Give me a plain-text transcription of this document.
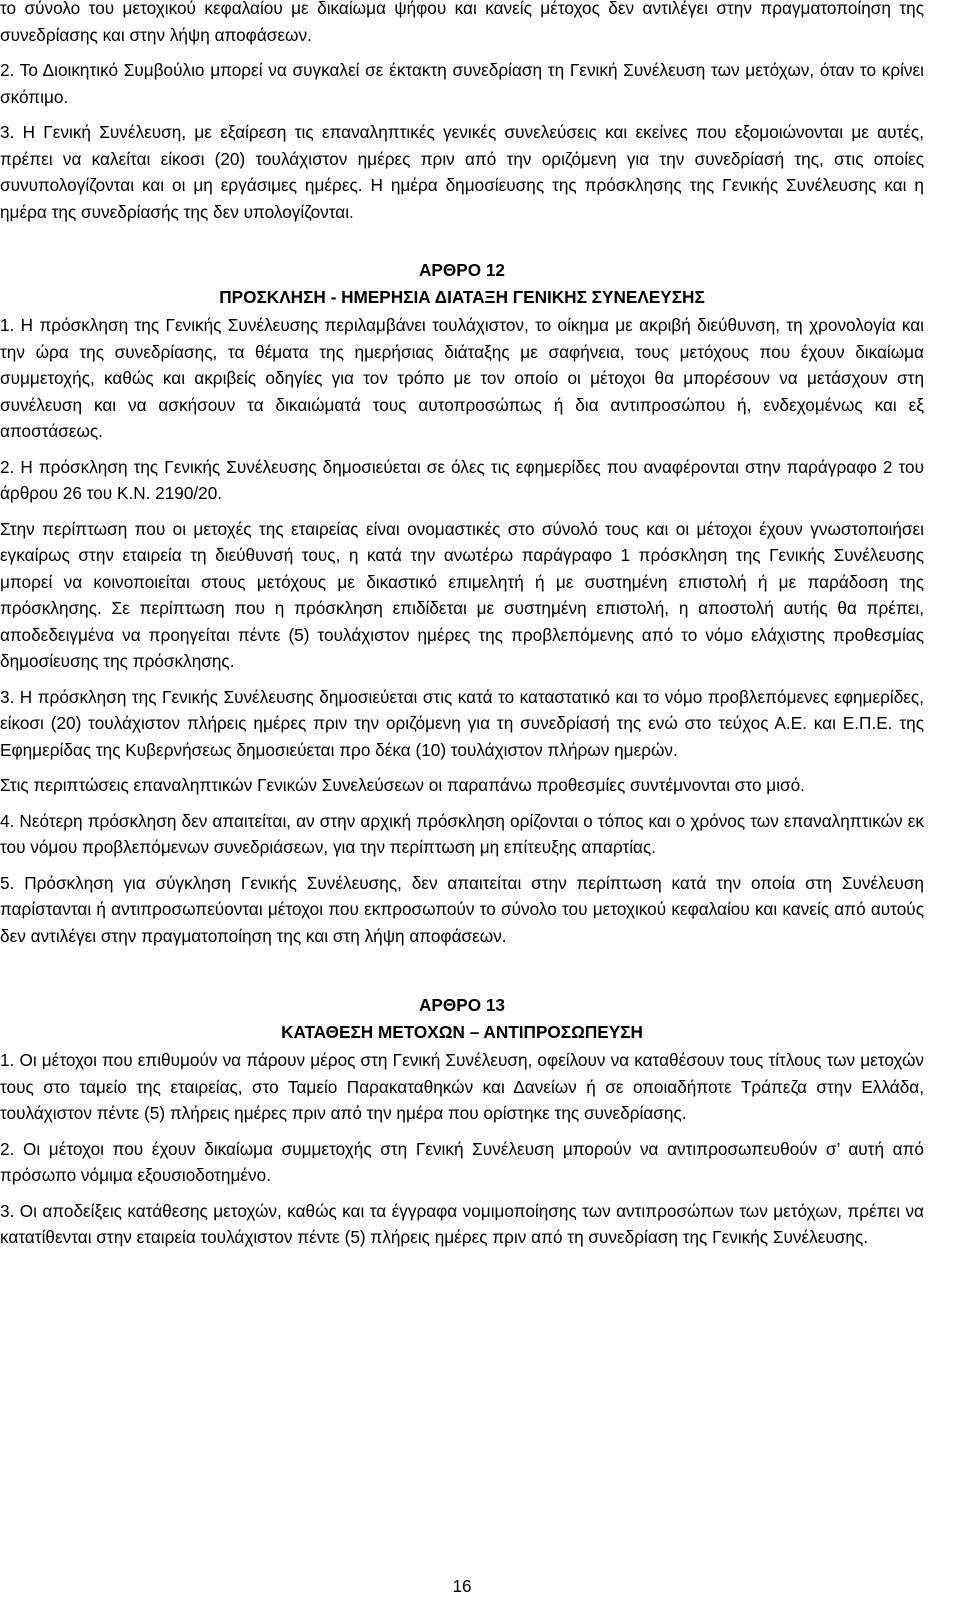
το σύνολο του μετοχικού κεφαλαίου με δικαίωμα ψήφου και κανείς μέτοχος δεν αντιλέγει στην πραγματοποίηση της συνεδρίασης και στην λήψη αποφάσεων.

2. Το Διοικητικό Συμβούλιο μπορεί να συγκαλεί σε έκτακτη συνεδρίαση τη Γενική Συνέλευση των μετόχων, όταν το κρίνει σκόπιμο.

3. Η Γενική Συνέλευση, με εξαίρεση τις επαναληπτικές γενικές συνελεύσεις και εκείνες που εξομοιώνονται με αυτές, πρέπει να καλείται είκοσι (20) τουλάχιστον ημέρες πριν από την οριζόμενη για την συνεδρίασή της, στις οποίες συνυπολογίζονται και οι μη εργάσιμες ημέρες. Η ημέρα δημοσίευσης της πρόσκλησης της Γενικής Συνέλευσης και η ημέρα της συνεδρίασής της δεν υπολογίζονται.

ΑΡΘΡΟ 12
ΠΡΟΣΚΛΗΣΗ - ΗΜΕΡΗΣΙΑ ΔΙΑΤΑΞΗ ΓΕΝΙΚΗΣ ΣΥΝΕΛΕΥΣΗΣ

1. Η πρόσκληση της Γενικής Συνέλευσης περιλαμβάνει τουλάχιστον, το οίκημα με ακριβή διεύθυνση, τη χρονολογία και την ώρα της συνεδρίασης, τα θέματα της ημερήσιας διάταξης με σαφήνεια, τους μετόχους που έχουν δικαίωμα συμμετοχής, καθώς και ακριβείς οδηγίες για τον τρόπο με τον οποίο οι μέτοχοι θα μπορέσουν να μετάσχουν στη συνέλευση και να ασκήσουν τα δικαιώματά τους αυτοπροσώπως ή δια αντιπροσώπου ή, ενδεχομένως και εξ αποστάσεως.

2. Η πρόσκληση της Γενικής Συνέλευσης δημοσιεύεται σε όλες τις εφημερίδες που αναφέρονται στην παράγραφο 2 του άρθρου 26 του Κ.Ν. 2190/20.

Στην περίπτωση που οι μετοχές της εταιρείας είναι ονομαστικές στο σύνολό τους και οι μέτοχοι έχουν γνωστοποιήσει εγκαίρως στην εταιρεία τη διεύθυνσή τους, η κατά την ανωτέρω παράγραφο 1 πρόσκληση της Γενικής Συνέλευσης μπορεί να κοινοποιείται στους μετόχους με δικαστικό επιμελητή ή με συστημένη επιστολή ή με παράδοση της πρόσκλησης. Σε περίπτωση που η πρόσκληση επιδίδεται με συστημένη επιστολή, η αποστολή αυτής θα πρέπει, αποδεδειγμένα να προηγείται πέντε (5) τουλάχιστον ημέρες της προβλεπόμενης από το νόμο ελάχιστης προθεσμίας δημοσίευσης της πρόσκλησης.

3. Η πρόσκληση της Γενικής Συνέλευσης δημοσιεύεται στις κατά το καταστατικό και το νόμο προβλεπόμενες εφημερίδες, είκοσι (20) τουλάχιστον πλήρεις ημέρες πριν την οριζόμενη για τη συνεδρίασή της ενώ στο τεύχος Α.Ε. και Ε.Π.Ε. της Εφημερίδας της Κυβερνήσεως δημοσιεύεται προ δέκα (10) τουλάχιστον πλήρων ημερών.

Στις περιπτώσεις επαναληπτικών Γενικών Συνελεύσεων οι παραπάνω προθεσμίες συντέμνονται στο μισό.

4. Νεότερη πρόσκληση δεν απαιτείται, αν στην αρχική πρόσκληση ορίζονται ο τόπος και ο χρόνος των επαναληπτικών εκ του νόμου προβλεπόμενων συνεδριάσεων, για την περίπτωση μη επίτευξης απαρτίας.

5. Πρόσκληση για σύγκληση Γενικής Συνέλευσης, δεν απαιτείται στην περίπτωση κατά την οποία στη Συνέλευση παρίστανται ή αντιπροσωπεύονται μέτοχοι που εκπροσωπούν το σύνολο του μετοχικού κεφαλαίου και κανείς από αυτούς δεν αντιλέγει στην πραγματοποίηση της και στη λήψη αποφάσεων.

ΑΡΘΡΟ 13
ΚΑΤΑΘΕΣΗ ΜΕΤΟΧΩΝ – ΑΝΤΙΠΡΟΣΩΠΕΥΣΗ

1. Οι μέτοχοι που επιθυμούν να πάρουν μέρος στη Γενική Συνέλευση, οφείλουν να καταθέσουν τους τίτλους των μετοχών τους στο ταμείο της εταιρείας, στο Ταμείο Παρακαταθηκών και Δανείων ή σε οποιαδήποτε Τράπεζα στην Ελλάδα, τουλάχιστον πέντε (5) πλήρεις ημέρες πριν από την ημέρα που ορίστηκε της συνεδρίασης.

2. Οι μέτοχοι που έχουν δικαίωμα συμμετοχής στη Γενική Συνέλευση μπορούν να αντιπροσωπευθούν σ’ αυτή από πρόσωπο νόμιμα εξουσιοδοτημένο.

3. Οι αποδείξεις κατάθεσης μετοχών, καθώς και τα έγγραφα νομιμοποίησης των αντιπροσώπων των μετόχων, πρέπει να κατατίθενται στην εταιρεία τουλάχιστον πέντε (5) πλήρεις ημέρες πριν από τη συνεδρίαση της Γενικής Συνέλευσης.

16
